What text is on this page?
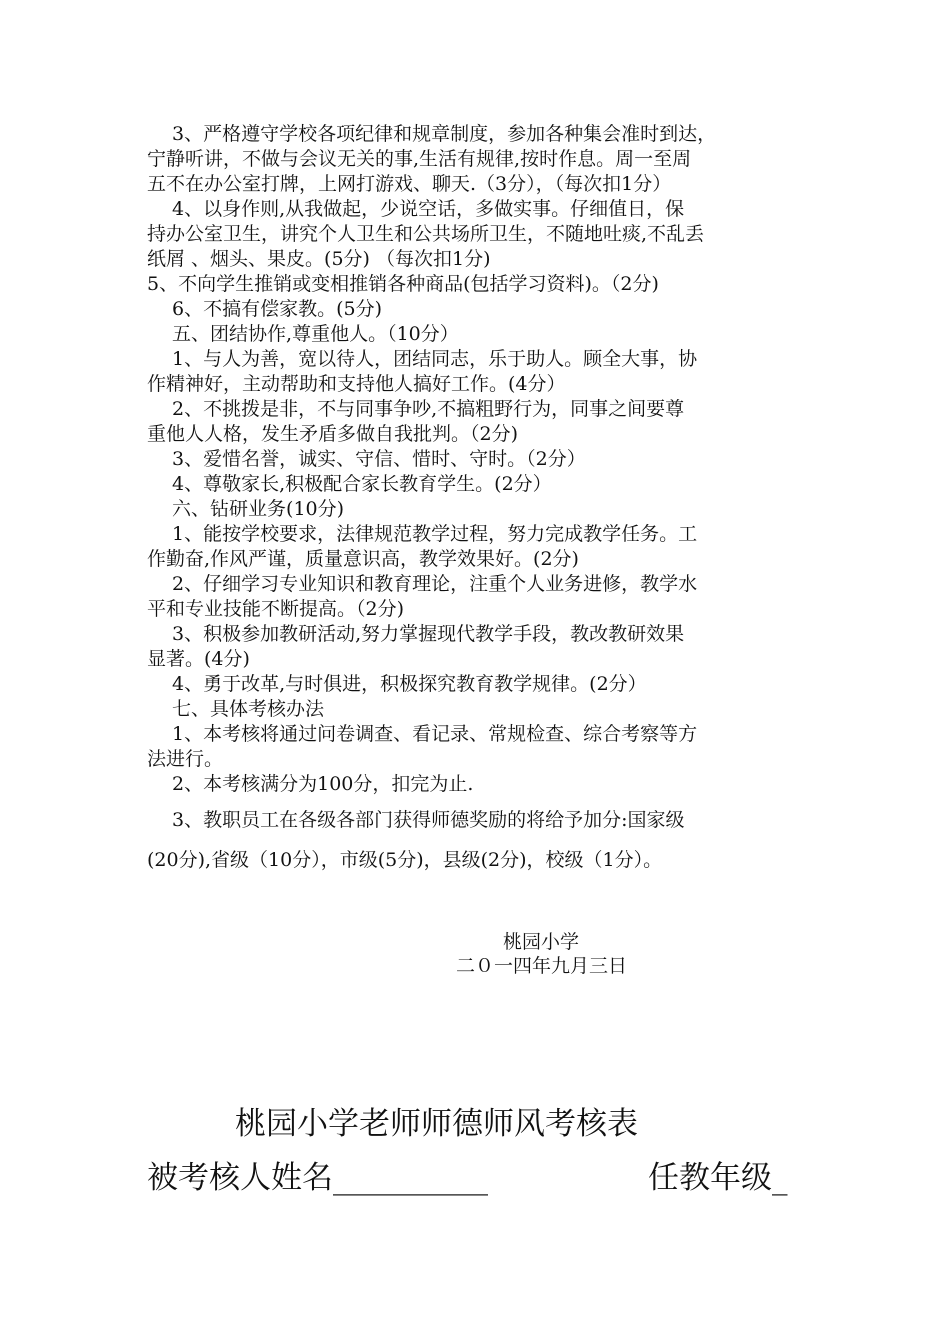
　 3、严格遵守学校各项纪律和规章制度，参加各种集会准时到达，
宁静听讲，不做与会议无关的事,生活有规律,按时作息。周一至周
五不在办公室打牌，上网打游戏、聊天.（3分），（每次扣1分）
　 4、以身作则,从我做起，少说空话，多做实事。仔细值日，保
持办公室卫生，讲究个人卫生和公共场所卫生，不随地吐痰,不乱丢
纸屑 、烟头、果皮。(5分) （每次扣1分)
5、不向学生推销或变相推销各种商品(包括学习资料)。（2分)
　 6、不搞有偿家教。(5分)
　 五、团结协作,尊重他人。（10分）
　 1、与人为善，宽以待人，团结同志，乐于助人。顾全大事，协
作精神好，主动帮助和支持他人搞好工作。(4分）
　 2、不挑拨是非，不与同事争吵,不搞粗野行为，同事之间要尊
重他人人格，发生矛盾多做自我批判。（2分)
　 3、爱惜名誉，诚实、守信、惜时、守时。（2分）
　 4、尊敬家长,积极配合家长教育学生。(2分）
　 六、钻研业务(10分)
　 1、能按学校要求，法律规范教学过程，努力完成教学任务。工
作勤奋,作风严谨，质量意识高，教学效果好。(2分)
　 2、仔细学习专业知识和教育理论，注重个人业务进修，教学水
平和专业技能不断提高。（2分)
　 3、积极参加教研活动,努力掌握现代教学手段，教改教研效果
显著。(4分)
　 4、勇于改革,与时俱进，积极探究教育教学规律。(2分）
　 七、具体考核办法
　 1、本考核将通过问卷调查、看记录、常规检查、综合考察等方
法进行。
　 2、本考核满分为100分，扣完为止.
　 3、教职员工在各级各部门获得师德奖励的将给予加分:国家级
(20分),省级（10分），市级(5分)，县级(2分)，校级（1分）。
桃园小学
二０一四年九月三日
桃园小学老师师德师风考核表
被考核人姓名__________	任教年级_
